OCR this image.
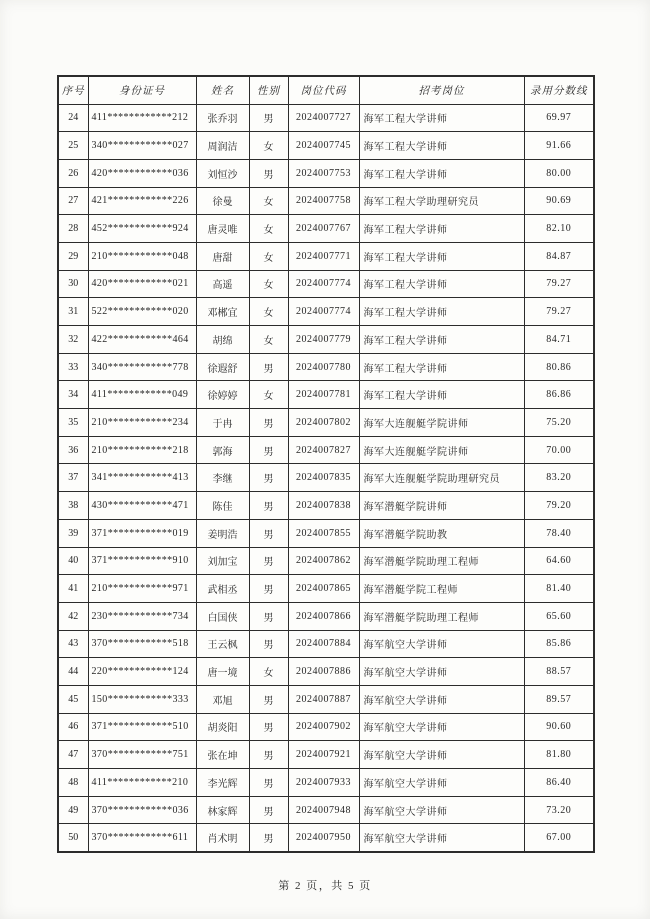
序号	身份证号	姓名	性别	岗位代码	招考岗位	录用分数线
24	411************212	张乔羽	男	2024007727	海军工程大学讲师	69.97
25	340************027	周润洁	女	2024007745	海军工程大学讲师	91.66
26	420************036	刘恒沙	男	2024007753	海军工程大学讲师	80.00
27	421************226	徐曼	女	2024007758	海军工程大学助理研究员	90.69
28	452************924	唐灵唯	女	2024007767	海军工程大学讲师	82.10
29	210************048	唐甜	女	2024007771	海军工程大学讲师	84.87
30	420************021	高遥	女	2024007774	海军工程大学讲师	79.27
31	522************020	邓郴宜	女	2024007774	海军工程大学讲师	79.27
32	422************464	胡绵	女	2024007779	海军工程大学讲师	84.71
33	340************778	徐遐舒	男	2024007780	海军工程大学讲师	80.86
34	411************049	徐婷婷	女	2024007781	海军工程大学讲师	86.86
35	210************234	于冉	男	2024007802	海军大连舰艇学院讲师	75.20
36	210************218	郭海	男	2024007827	海军大连舰艇学院讲师	70.00
37	341************413	李继	男	2024007835	海军大连舰艇学院助理研究员	83.20
38	430************471	陈佳	男	2024007838	海军潜艇学院讲师	79.20
39	371************019	姜明浩	男	2024007855	海军潜艇学院助教	78.40
40	371************910	刘加宝	男	2024007862	海军潜艇学院助理工程师	64.60
41	210************971	武相丞	男	2024007865	海军潜艇学院工程师	81.40
42	230************734	白国侠	男	2024007866	海军潜艇学院助理工程师	65.60
43	370************518	王云枫	男	2024007884	海军航空大学讲师	85.86
44	220************124	唐一境	女	2024007886	海军航空大学讲师	88.57
45	150************333	邓旭	男	2024007887	海军航空大学讲师	89.57
46	371************510	胡炎阳	男	2024007902	海军航空大学讲师	90.60
47	370************751	张在坤	男	2024007921	海军航空大学讲师	81.80
48	411************210	李光辉	男	2024007933	海军航空大学讲师	86.40
49	370************036	林家辉	男	2024007948	海军航空大学讲师	73.20
50	370************611	肖术明	男	2024007950	海军航空大学讲师	67.00
第 2 页，共 5 页
